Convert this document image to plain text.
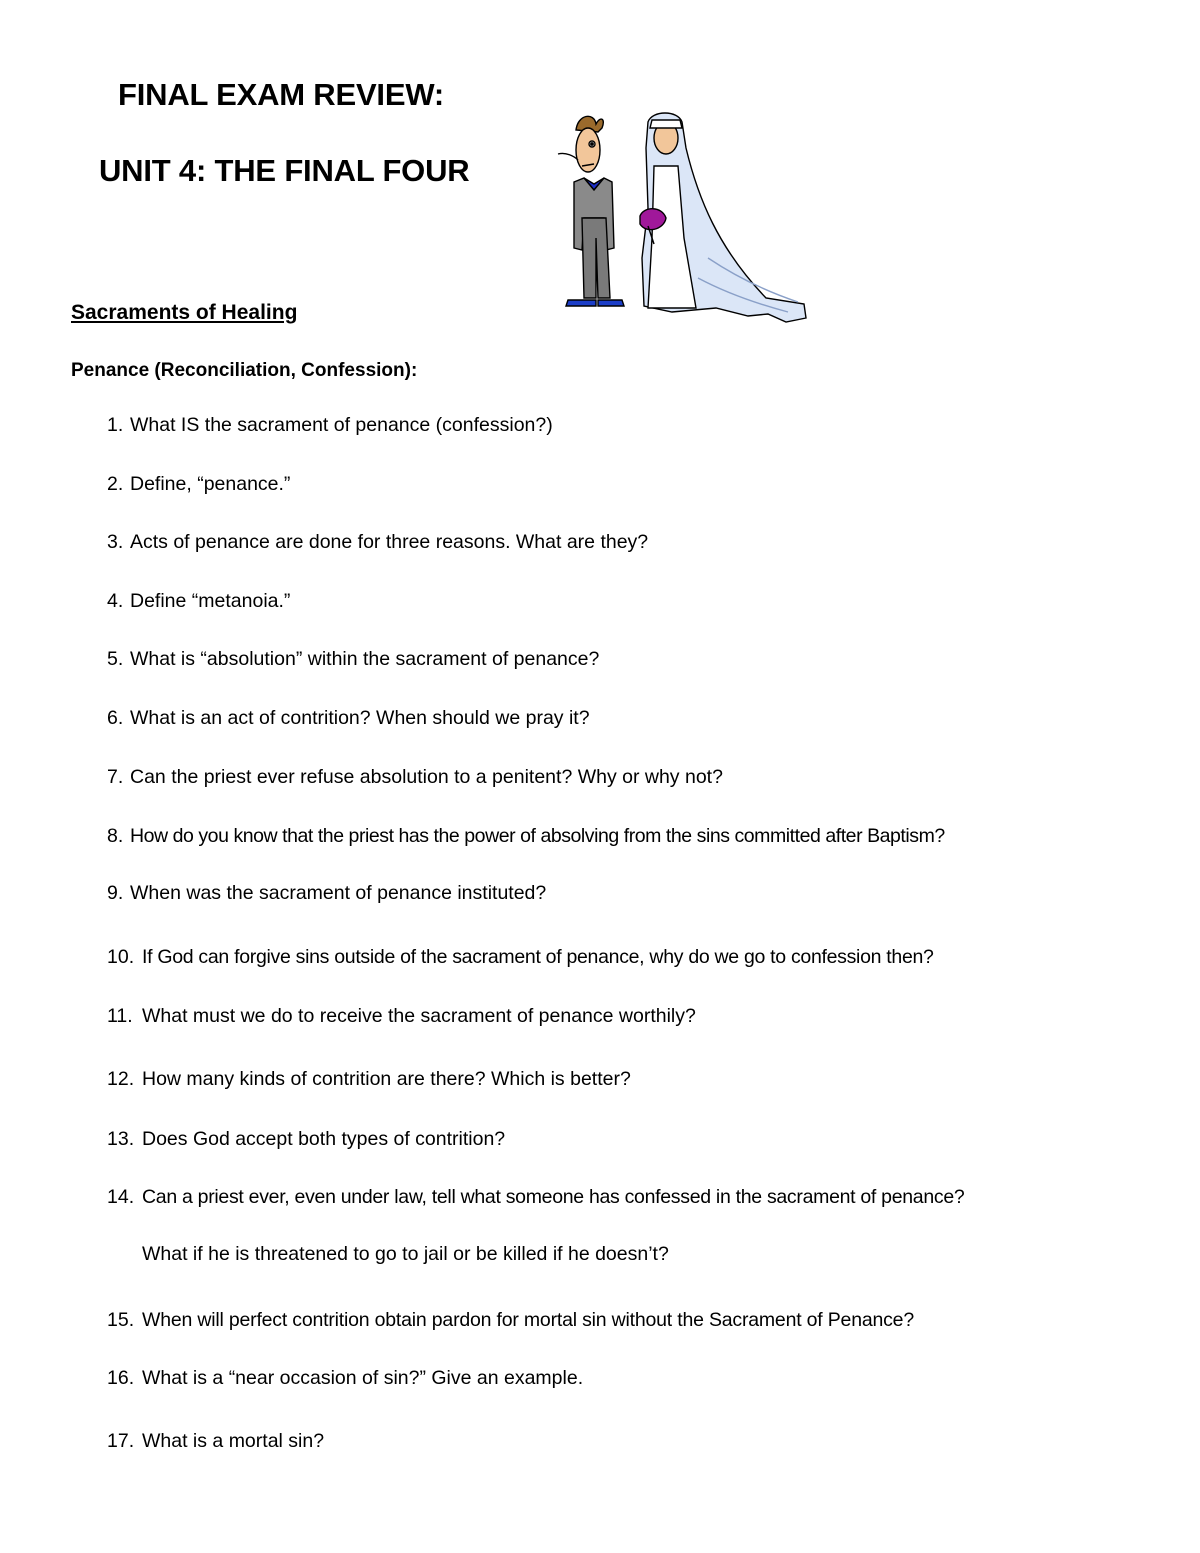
FINAL EXAM REVIEW:
UNIT 4: THE FINAL FOUR
Sacraments of Healing
Penance (Reconciliation, Confession):
1. What IS the sacrament of penance (confession?)
2. Define, “penance.”
3. Acts of penance are done for three reasons. What are they?
4. Define “metanoia.”
5. What is “absolution” within the sacrament of penance?
6. What is an act of contrition? When should we pray it?
7. Can the priest ever refuse absolution to a penitent? Why or why not?
8. How do you know that the priest has the power of absolving from the sins committed after Baptism?
9. When was the sacrament of penance instituted?
10. If God can forgive sins outside of the sacrament of penance, why do we go to confession then?
11. What must we do to receive the sacrament of penance worthily?
12. How many kinds of contrition are there? Which is better?
13. Does God accept both types of contrition?
14. Can a priest ever, even under law, tell what someone has confessed in the sacrament of penance?
What if he is threatened to go to jail or be killed if he doesn’t?
15. When will perfect contrition obtain pardon for mortal sin without the Sacrament of Penance?
16. What is a “near occasion of sin?” Give an example.
17. What is a mortal sin?
